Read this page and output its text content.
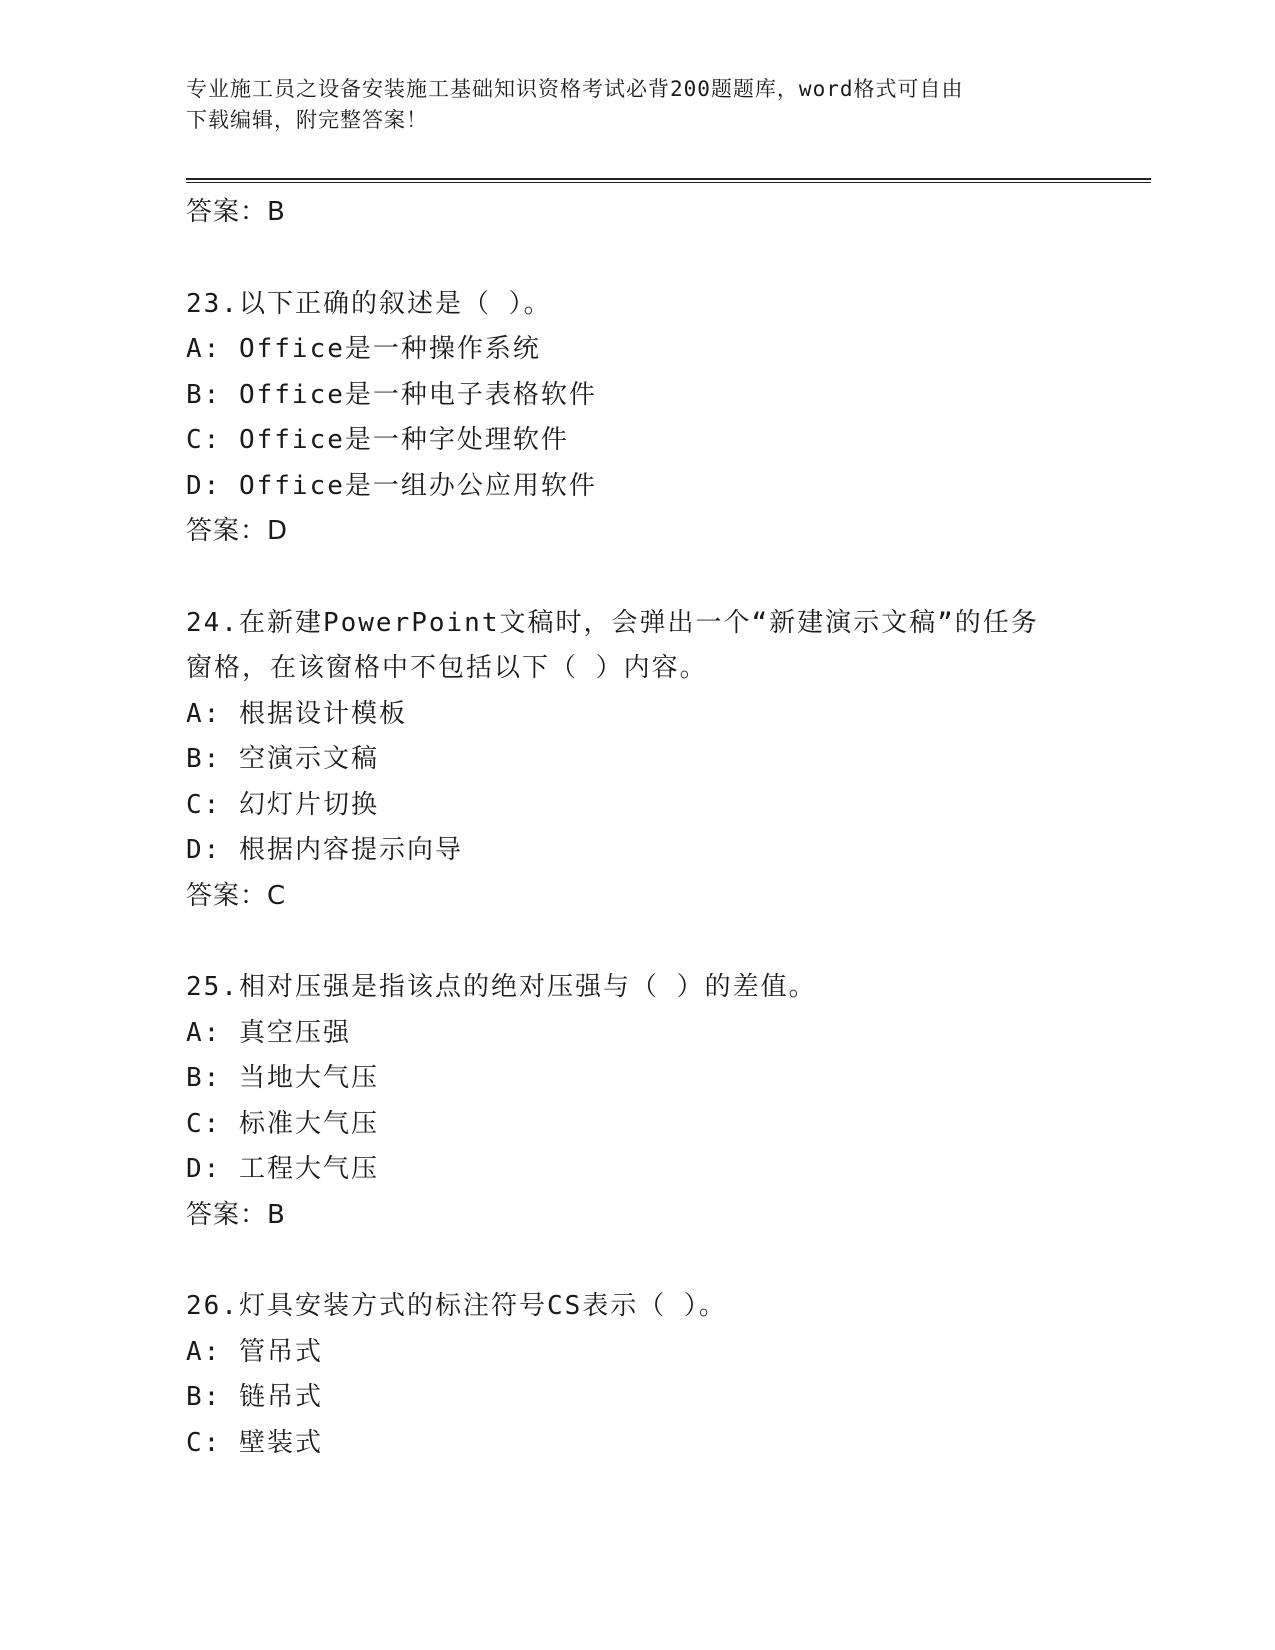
专业施工员之设备安装施工基础知识资格考试必背200题题库，word格式可自由
下载编辑，附完整答案！
答案：B
23.以下正确的叙述是（ ）。
A: Office是一种操作系统
B: Office是一种电子表格软件
C: Office是一种字处理软件
D: Office是一组办公应用软件
答案：D
24.在新建PowerPoint文稿时，会弹出一个“新建演示文稿”的任务
窗格，在该窗格中不包括以下（ ）内容。
A: 根据设计模板
B: 空演示文稿
C: 幻灯片切换
D: 根据内容提示向导
答案：C
25.相对压强是指该点的绝对压强与（ ）的差值。
A: 真空压强
B: 当地大气压
C: 标准大气压
D: 工程大气压
答案：B
26.灯具安装方式的标注符号CS表示（ ）。
A: 管吊式
B: 链吊式
C: 壁装式
